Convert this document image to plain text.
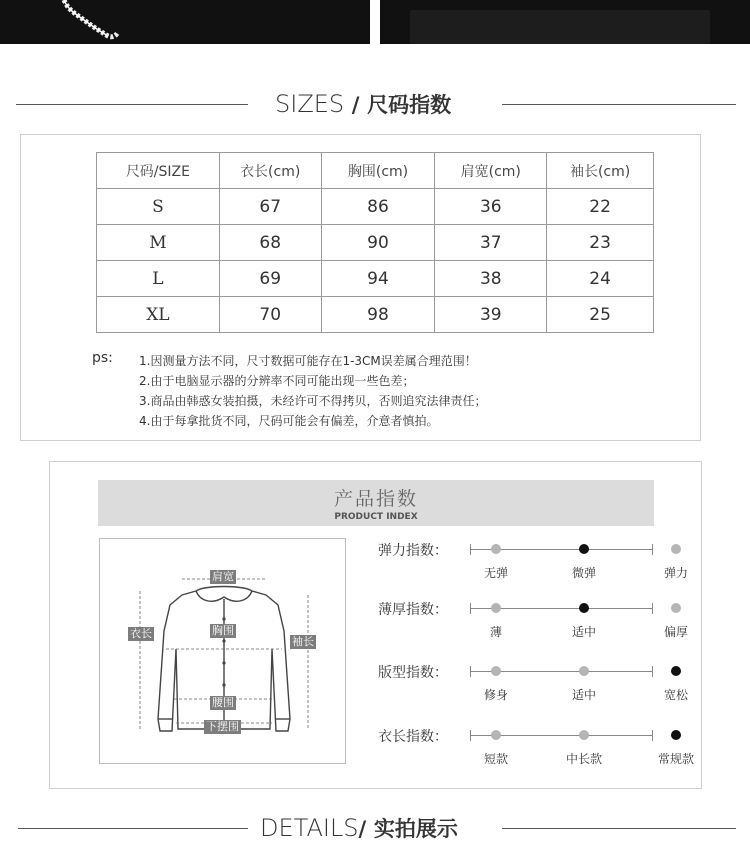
SIZES / 尺码指数
尺码/SIZE	衣长(cm)	胸围(cm)	肩宽(cm)	袖长(cm)
S	67	86	36	22
M	68	90	37	23
L	69	94	38	24
XL	70	98	39	25
ps: 1.因测量方法不同，尺寸数据可能存在1-3CM误差属合理范围！
2.由于电脑显示器的分辨率不同可能出现一些色差；
3.商品由韩惑女装拍摄，未经许可不得拷贝，否则追究法律责任；
4.由于每拿批货不同，尺码可能会有偏差，介意者慎拍。
产品指数
PRODUCT INDEX
肩宽
衣长	胸围
袖长
腰围
下摆围
弹力指数：
无弹	微弹	弹力
薄厚指数：
薄	适中	偏厚
版型指数：
修身	适中	宽松
衣长指数：
短款	中长款	常规款
DETAILS/ 实拍展示
